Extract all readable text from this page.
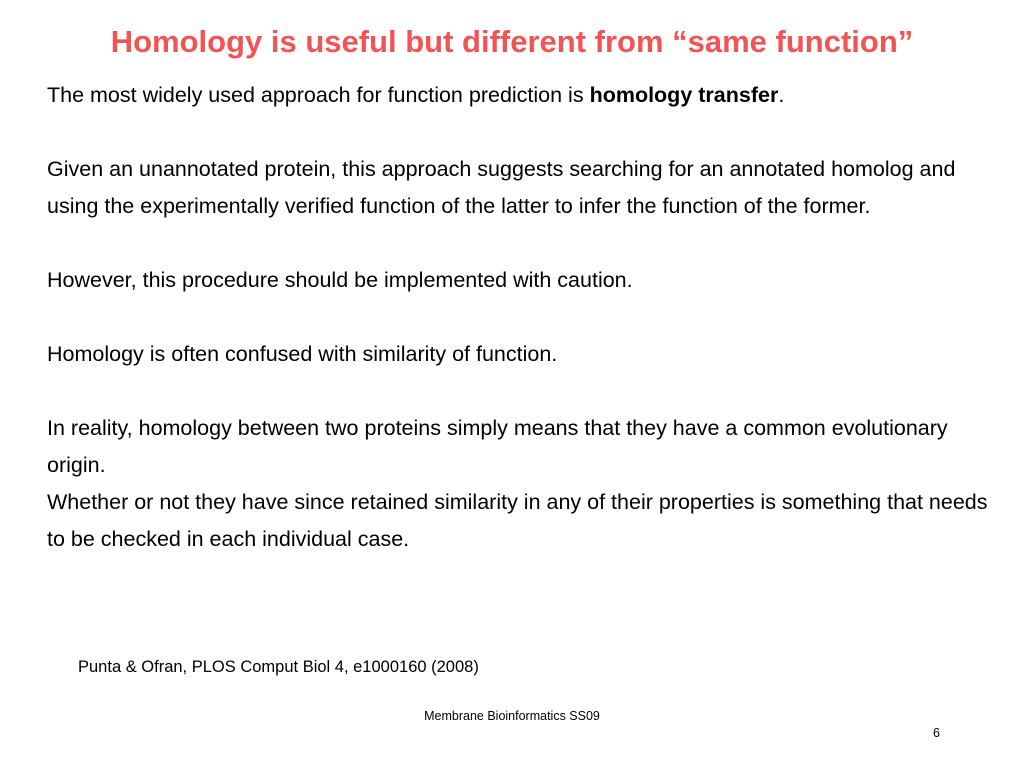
Homology is useful but different from “same function”

The most widely used approach for function prediction is homology transfer.

Given an unannotated protein, this approach suggests searching for an annotated homolog and using the experimentally verified function of the latter to infer the function of the former.

However, this procedure should be implemented with caution.

Homology is often confused with similarity of function.

In reality, homology between two proteins simply means that they have a common evolutionary origin.

Whether or not they have since retained similarity in any of their properties is something that needs to be checked in each individual case.

Punta & Ofran, PLOS Comput Biol 4, e1000160 (2008)

Membrane Bioinformatics SS09

6
